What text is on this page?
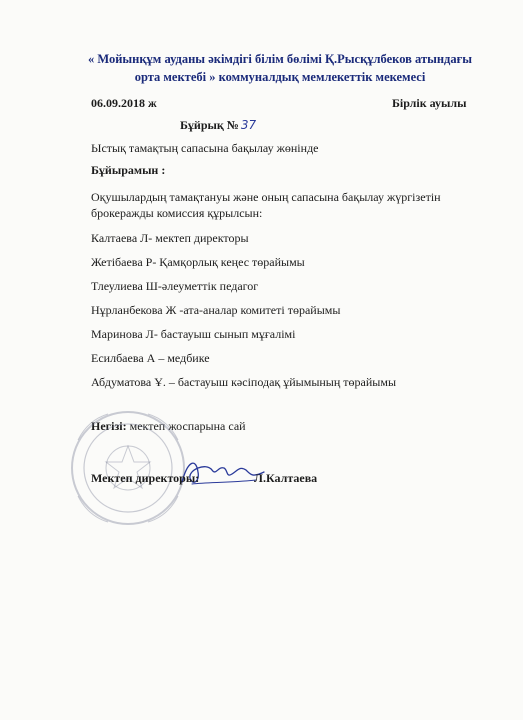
« Мойынқұм ауданы әкімдігі білім бөлімі Қ.Рысқұлбеков атындағы
орта мектебі » коммуналдық мемлекеттік мекемесі
06.09.2018 ж	Бірлік ауылы
Бұйрық № 37
Ыстық тамақтың сапасына бақылау жөнінде
Бұйырамын :
Оқушылардың тамақтануы және оның сапасына бақылау жүргізетін брокеражды комиссия құрылсын:
Калтаева Л- мектеп директоры
Жетібаева Р- Қамқорлық кеңес төрайымы
Тлеулиева Ш-әлеуметтік педагог
Нұрланбекова Ж -ата-аналар комитеті төрайымы
Маринова Л- бастауыш сынып мұғалімі
Есилбаева А – медбике
Абдуматова Ұ. – бастауыш кәсіподақ ұйымының төрайымы
Негізі: мектеп жоспарына сай
Мектеп директоры:	Л.Калтаева
